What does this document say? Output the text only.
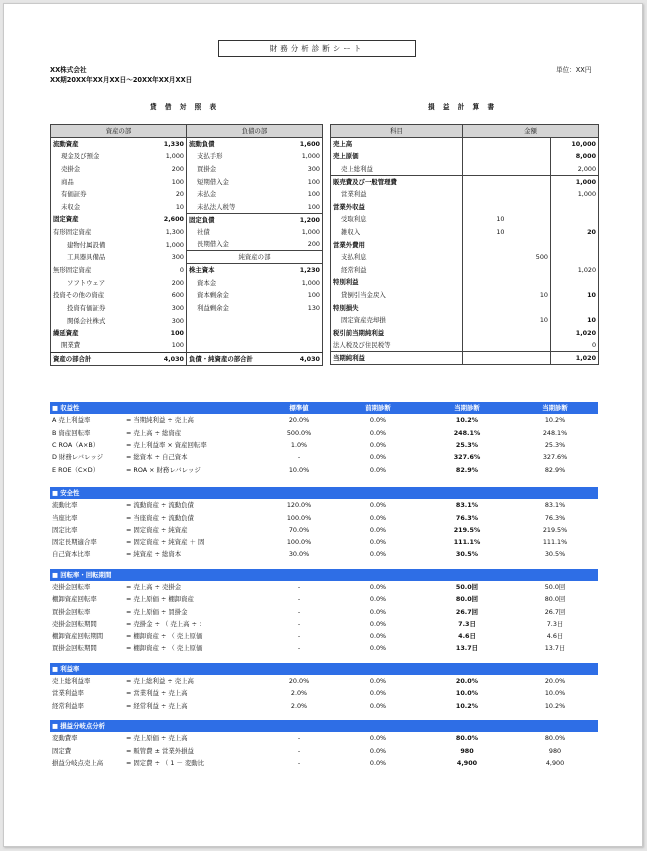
財務分析診断シート
XX株式会社
XX期20XX年XX月XX日～20XX年XX月XX日
単位：XX円
貸 借 対 照 表	損 益 計 算 書
資産の部		負債の部	
流動資産	1,330	流動負債	1,600
現金及び預金	1,000	支払手形	1,000
売掛金	200	買掛金	300
商品	100	短期借入金	100
有価証券	20	未払金	100
未収金	10	未払法人税等	100
固定資産	2,600	固定負債	1,200
有形固定資産	1,300	社債	1,000
建物付属設備	1,000	長期借入金	200
工具器具備品	300	純資産の部	
無形固定資産	0	株主資本	1,230
ソフトウェア	200	資本金	1,000
投資その他の資産	600	資本剰余金	100
投資有価証券	300	利益剰余金	130
関係会社株式	300		
繰延資産	100		
開業費	100		
資産の部合計	4,030	負債・純資産の部合計	4,030
科目	金額		
売上高			10,000
売上原価			8,000
売上総利益			2,000
販売費及び一般管理費			1,000
営業利益			1,000
営業外収益			
受取利息	10		
雑収入	10		20
営業外費用			
支払利息		500	
経常利益			1,020
特別利益			
貸倒引当金戻入		10	10
特別損失			
固定資産売却損		10	10
税引前当期純利益			1,020
法人税及び住民税等			0
当期純利益			1,020
■ 収益性		標準値	前期診断	当期診断	当期診断
A 売上利益率	= 当期純利益 ÷ 売上高	20.0%	0.0%	10.2%	10.2%
B 資産回転率	= 売上高 ÷ 総資産	500.0%	0.0%	248.1%	248.1%
C ROA（A×B）	= 売上利益率 × 資産回転率	1.0%	0.0%	25.3%	25.3%
D 財務レバレッジ	= 総資本 ÷ 自己資本	-	0.0%	327.6%	327.6%
E ROE（C×D）	= ROA × 財務レバレッジ	10.0%	0.0%	82.9%	82.9%

■ 安全性					
流動比率	= 流動資産 ÷ 流動負債	120.0%	0.0%	83.1%	83.1%
当座比率	= 当座資産 ÷ 流動負債	100.0%	0.0%	76.3%	76.3%
固定比率	= 固定資産 ÷ 純資産	70.0%	0.0%	219.5%	219.5%
固定長期適合率	= 固定資産 ÷ 純資産 ＋ 固	100.0%	0.0%	111.1%	111.1%
自己資本比率	= 純資産 ÷ 総資本	30.0%	0.0%	30.5%	30.5%

■ 回転率・回転期間					
売掛金回転率	= 売上高 ÷ 売掛金	-	0.0%	50.0回	50.0回
棚卸資産回転率	= 売上原価 ÷ 棚卸資産	-	0.0%	80.0回	80.0回
買掛金回転率	= 売上原価 ÷ 買掛金	-	0.0%	26.7回	26.7回
売掛金回転期間	= 売掛金 ÷ （ 売上高 ÷ ：	-	0.0%	7.3日	7.3日
棚卸資産回転期間	= 棚卸資産 ÷ （ 売上原価	-	0.0%	4.6日	4.6日
買掛金回転期間	= 棚卸資産 ÷ （ 売上原価	-	0.0%	13.7日	13.7日

■ 利益率					
売上総利益率	= 売上総利益 ÷ 売上高	20.0%	0.0%	20.0%	20.0%
営業利益率	= 営業利益 ÷ 売上高	2.0%	0.0%	10.0%	10.0%
経常利益率	= 経常利益 ÷ 売上高	2.0%	0.0%	10.2%	10.2%

■ 損益分岐点分析					
変動費率	= 売上原価 ÷ 売上高	-	0.0%	80.0%	80.0%
固定費	= 販管費 ± 営業外損益	-	0.0%	980	980
損益分岐点売上高	= 固定費 ÷ （ 1 － 変動比	-	0.0%	4,900	4,900
